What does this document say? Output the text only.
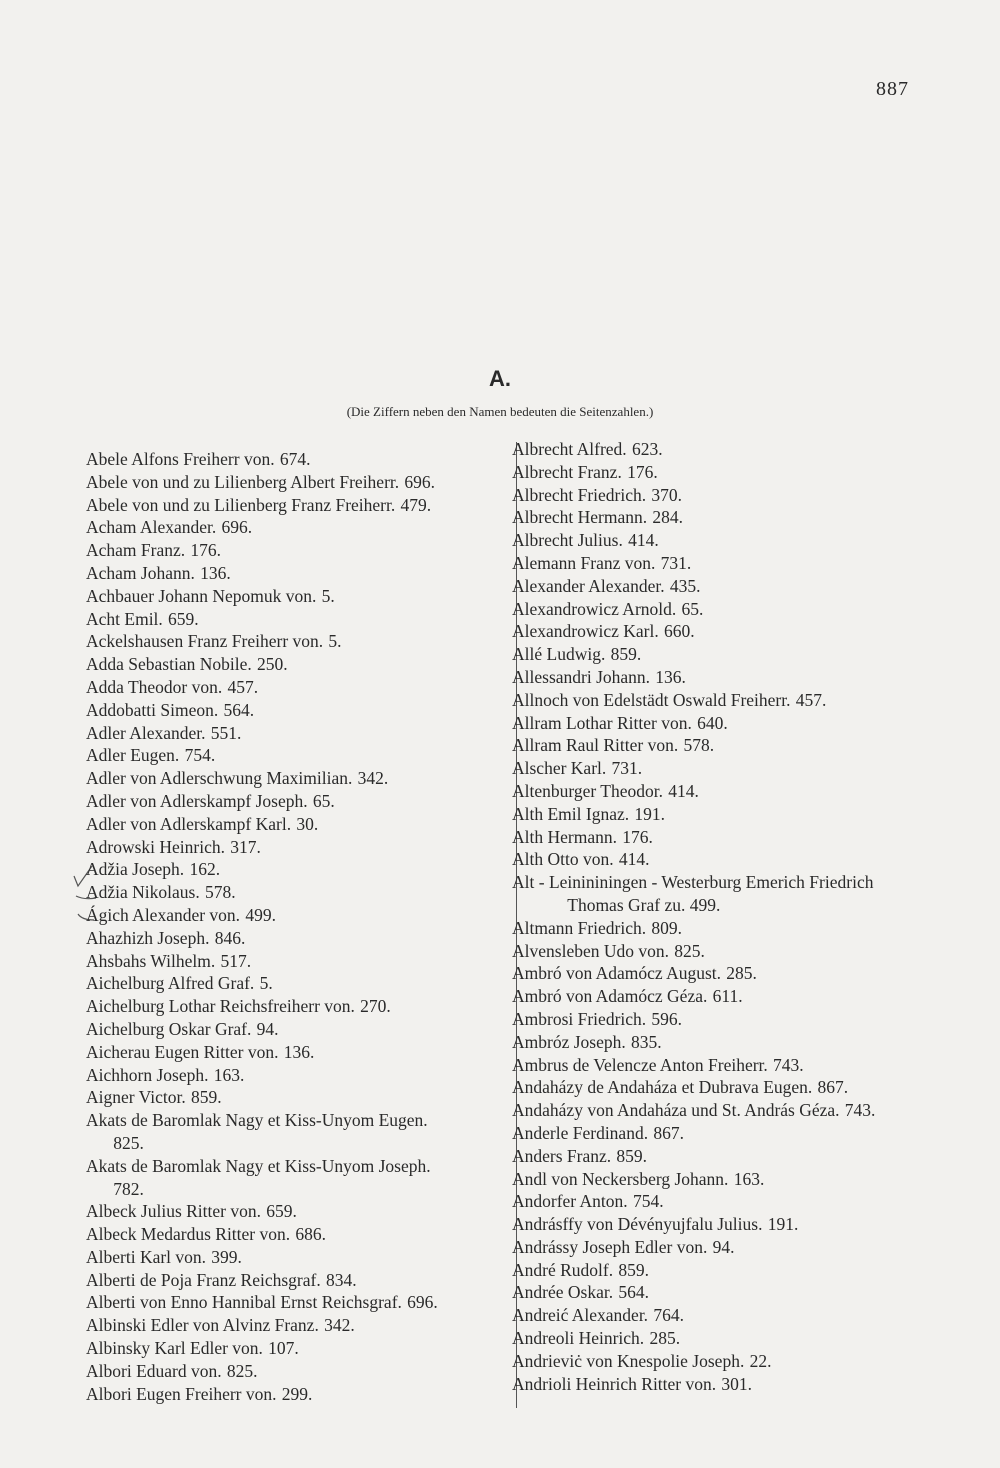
887
A.
(Die Ziffern neben den Namen bedeuten die Seitenzahlen.)
Abele Alfons Freiherr von. 674.
Abele von und zu Lilienberg Albert Freiherr. 696.
Abele von und zu Lilienberg Franz Freiherr. 479.
Acham Alexander. 696.
Acham Franz. 176.
Acham Johann. 136.
Achbauer Johann Nepomuk von. 5.
Acht Emil. 659.
Ackelshausen Franz Freiherr von. 5.
Adda Sebastian Nobile. 250.
Adda Theodor von. 457.
Addobatti Simeon. 564.
Adler Alexander. 551.
Adler Eugen. 754.
Adler von Adlerschwung Maximilian. 342.
Adler von Adlerskampf Joseph. 65.
Adler von Adlerskampf Karl. 30.
Adrowski Heinrich. 317.
Adžia Joseph. 162.
Adžia Nikolaus. 578.
Ágich Alexander von. 499.
Ahazhizh Joseph. 846.
Ahsbahs Wilhelm. 517.
Aichelburg Alfred Graf. 5.
Aichelburg Lothar Reichsfreiherr von. 270.
Aichelburg Oskar Graf. 94.
Aicherau Eugen Ritter von. 136.
Aichhorn Joseph. 163.
Aigner Victor. 859.
Akats de Baromlak Nagy et Kiss-Unyom Eugen.
825.
Akats de Baromlak Nagy et Kiss-Unyom Joseph.
782.
Albeck Julius Ritter von. 659.
Albeck Medardus Ritter von. 686.
Alberti Karl von. 399.
Alberti de Poja Franz Reichsgraf. 834.
Alberti von Enno Hannibal Ernst Reichsgraf. 696.
Albinski Edler von Alvinz Franz. 342.
Albinsky Karl Edler von. 107.
Albori Eduard von. 825.
Albori Eugen Freiherr von. 299.
Albrecht Alfred. 623.
Albrecht Franz. 176.
Albrecht Friedrich. 370.
Albrecht Hermann. 284.
Albrecht Julius. 414.
Alemann Franz von. 731.
Alexander Alexander. 435.
Alexandrowicz Arnold. 65.
Alexandrowicz Karl. 660.
Allé Ludwig. 859.
Allessandri Johann. 136.
Allnoch von Edelstädt Oswald Freiherr. 457.
Allram Lothar Ritter von. 640.
Allram Raul Ritter von. 578.
Alscher Karl. 731.
Altenburger Theodor. 414.
Alth Emil Ignaz. 191.
Alth Hermann. 176.
Alth Otto von. 414.
Alt - Leinininingen - Westerburg Emerich Friedrich
Thomas Graf zu. 499.
Altmann Friedrich. 809.
Alvensleben Udo von. 825.
Ambró von Adamócz August. 285.
Ambró von Adamócz Géza. 611.
Ambrosi Friedrich. 596.
Ambróz Joseph. 835.
Ambrus de Velencze Anton Freiherr. 743.
Andaházy de Andaháza et Dubrava Eugen. 867.
Andaházy von Andaháza und St. András Géza. 743.
Anderle Ferdinand. 867.
Anders Franz. 859.
Andl von Neckersberg Johann. 163.
Andorfer Anton. 754.
Andrásffy von Dévényujfalu Julius. 191.
Andrássy Joseph Edler von. 94.
André Rudolf. 859.
Andrée Oskar. 564.
Andreić Alexander. 764.
Andreoli Heinrich. 285.
Andrieviċ von Knespolie Joseph. 22.
Andrioli Heinrich Ritter von. 301.
